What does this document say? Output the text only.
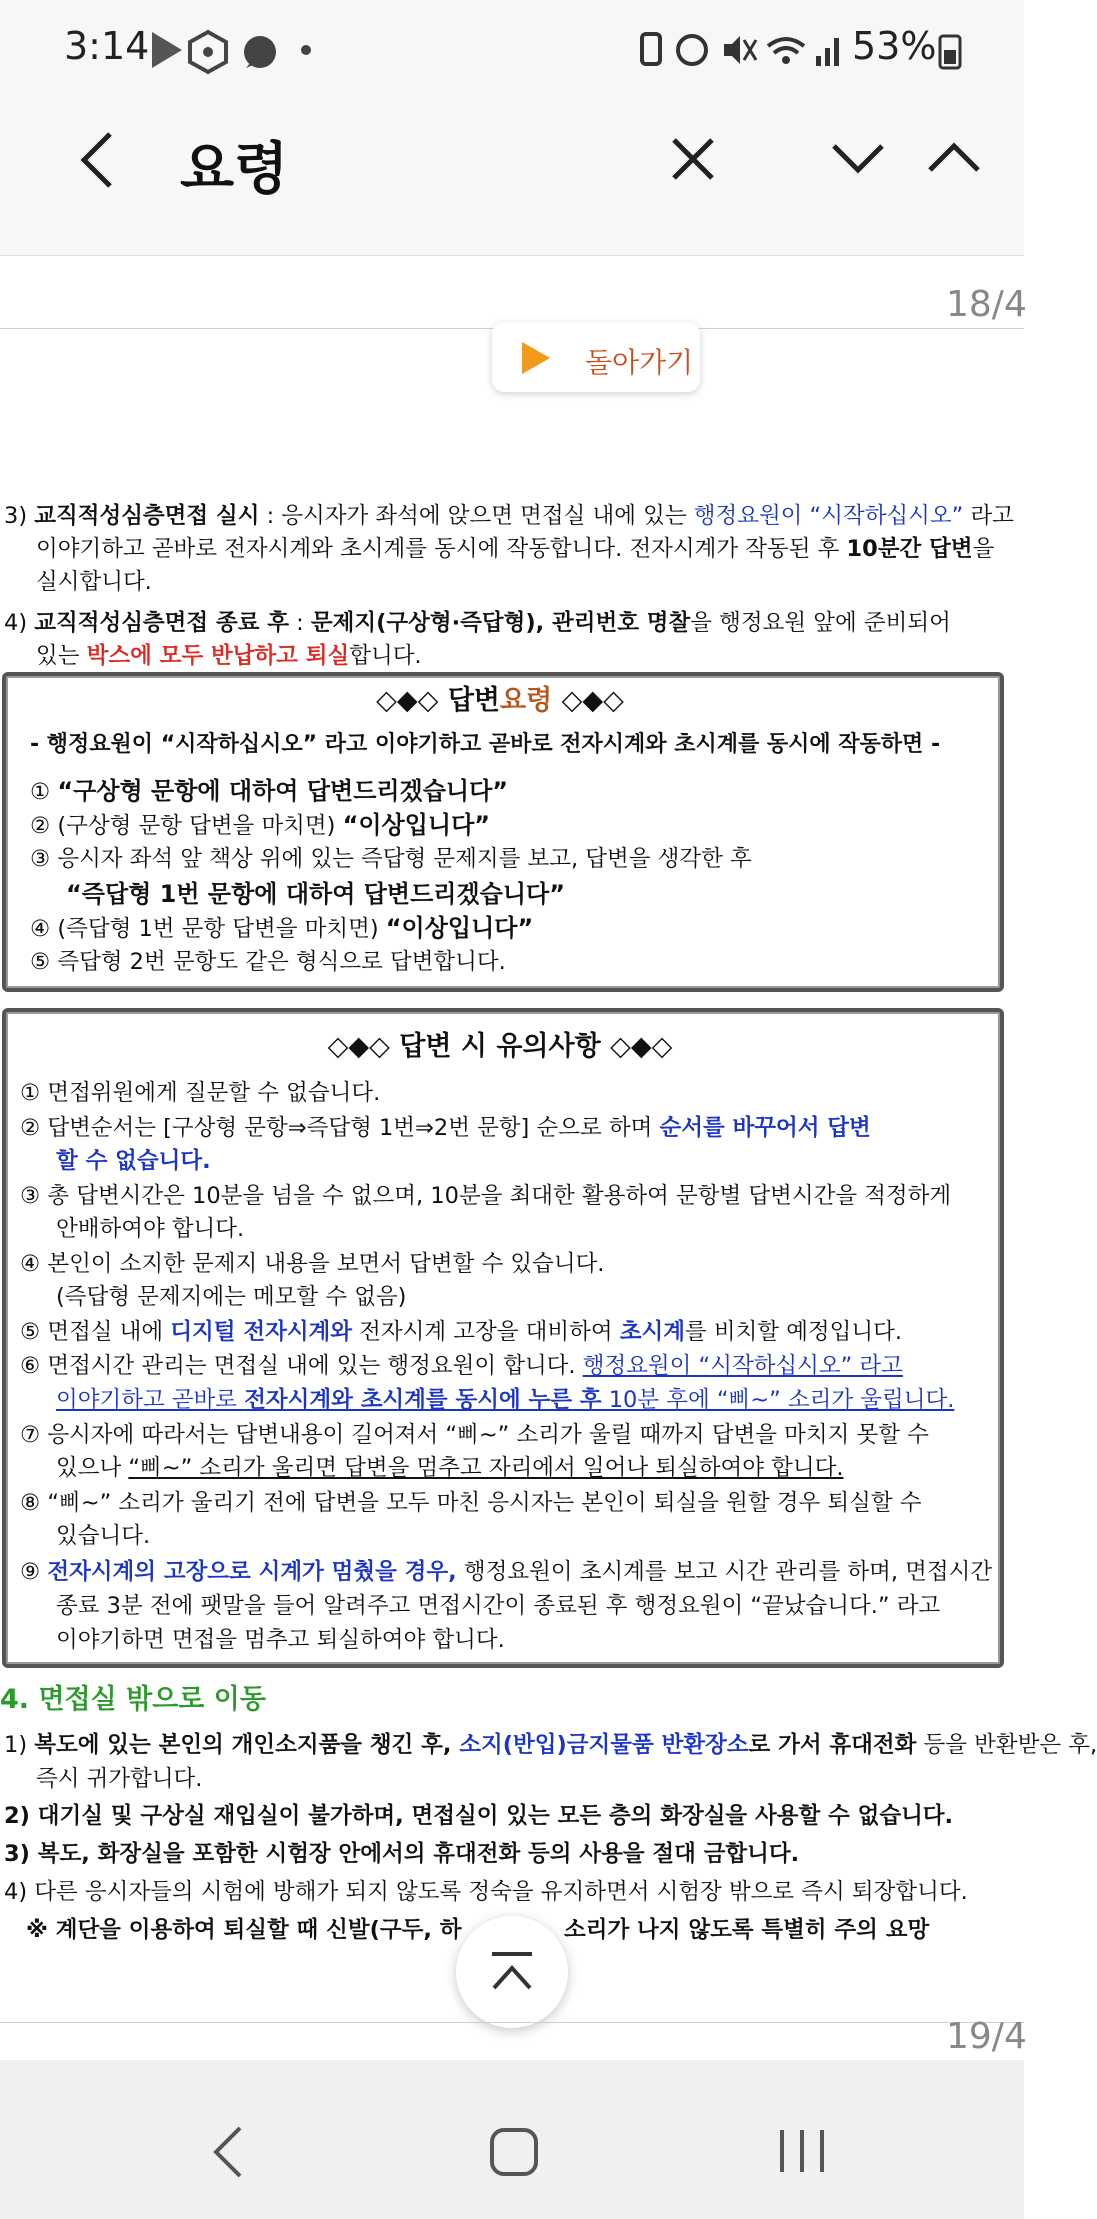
3:14	53%
요령
18/4
돌아가기
3) 교직적성심층면접 실시 : 응시자가 좌석에 앉으면 면접실 내에 있는 행정요원이 “시작하십시오” 라고
이야기하고 곧바로 전자시계와 초시계를 동시에 작동합니다. 전자시계가 작동된 후 10분간 답변을
실시합니다.
4) 교직적성심층면접 종료 후 : 문제지(구상형·즉답형), 관리번호 명찰을 행정요원 앞에 준비되어
있는 박스에 모두 반납하고 퇴실합니다.
◇◆◇ 답변요령 ◇◆◇
- 행정요원이 “시작하십시오” 라고 이야기하고 곧바로 전자시계와 초시계를 동시에 작동하면 -
① “구상형 문항에 대하여 답변드리겠습니다”
② (구상형 문항 답변을 마치면) “이상입니다”
③ 응시자 좌석 앞 책상 위에 있는 즉답형 문제지를 보고, 답변을 생각한 후
“즉답형 1번 문항에 대하여 답변드리겠습니다”
④ (즉답형 1번 문항 답변을 마치면) “이상입니다”
⑤ 즉답형 2번 문항도 같은 형식으로 답변합니다.
◇◆◇ 답변 시 유의사항 ◇◆◇
① 면접위원에게 질문할 수 없습니다.
② 답변순서는 [구상형 문항⇒즉답형 1번⇒2번 문항] 순으로 하며 순서를 바꾸어서 답변
할 수 없습니다.
③ 총 답변시간은 10분을 넘을 수 없으며, 10분을 최대한 활용하여 문항별 답변시간을 적정하게
안배하여야 합니다.
④ 본인이 소지한 문제지 내용을 보면서 답변할 수 있습니다.
(즉답형 문제지에는 메모할 수 없음)
⑤ 면접실 내에 디지털 전자시계와 전자시계 고장을 대비하여 초시계를 비치할 예정입니다.
⑥ 면접시간 관리는 면접실 내에 있는 행정요원이 합니다. 행정요원이 “시작하십시오” 라고
이야기하고 곧바로 전자시계와 초시계를 동시에 누른 후 10분 후에 “삐~” 소리가 울립니다.
⑦ 응시자에 따라서는 답변내용이 길어져서 “삐~” 소리가 울릴 때까지 답변을 마치지 못할 수
있으나 “삐~” 소리가 울리면 답변을 멈추고 자리에서 일어나 퇴실하여야 합니다.
⑧ “삐~” 소리가 울리기 전에 답변을 모두 마친 응시자는 본인이 퇴실을 원할 경우 퇴실할 수
있습니다.
⑨ 전자시계의 고장으로 시계가 멈췄을 경우, 행정요원이 초시계를 보고 시간 관리를 하며, 면접시간
종료 3분 전에 팻말을 들어 알려주고 면접시간이 종료된 후 행정요원이 “끝났습니다.” 라고
이야기하면 면접을 멈추고 퇴실하여야 합니다.
4. 면접실 밖으로 이동
1) 복도에 있는 본인의 개인소지품을 챙긴 후, 소지(반입)금지물품 반환장소로 가서 휴대전화 등을 반환받은 후,
즉시 귀가합니다.
2) 대기실 및 구상실 재입실이 불가하며, 면접실이 있는 모든 층의 화장실을 사용할 수 없습니다.
3) 복도, 화장실을 포함한 시험장 안에서의 휴대전화 등의 사용을 절대 금합니다.
4) 다른 응시자들의 시험에 방해가 되지 않도록 정숙을 유지하면서 시험장 밖으로 즉시 퇴장합니다.
※ 계단을 이용하여 퇴실할 때 신발(구두, 하	소리가 나지 않도록 특별히 주의 요망
19/4
